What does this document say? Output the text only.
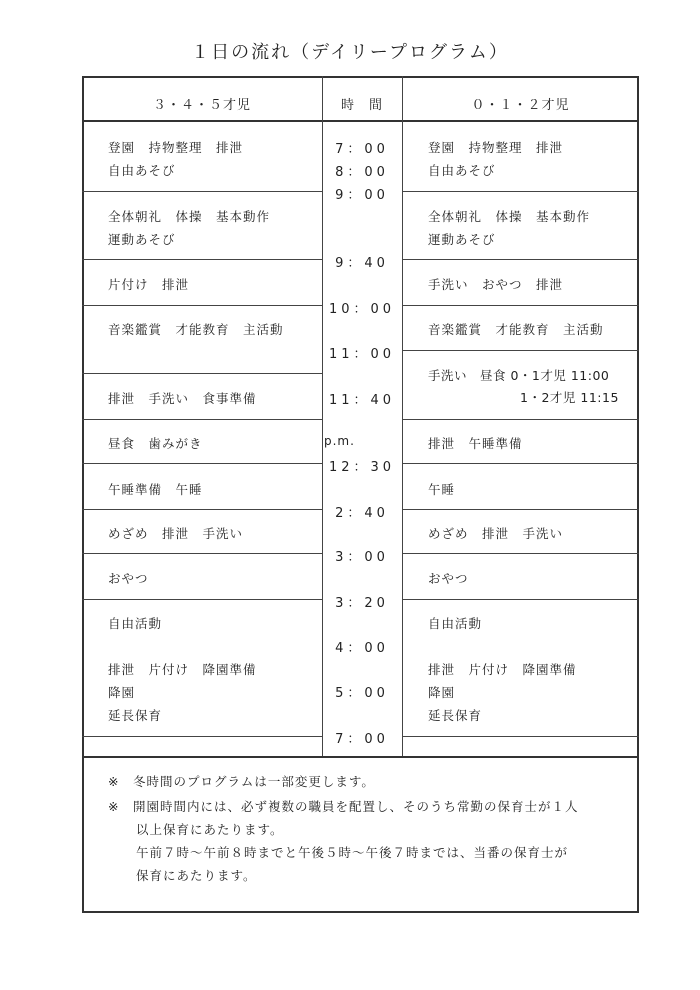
１日の流れ（デイリープログラム）
３・４・５才児	時　間	０・１・２才児
7：00
8：00
9：00
9：40
10：00
11：00
11：40
p.m.
12：30
2：40
3：00
3：20
4：00
5：00
7：00
登園　持物整理　排泄
自由あそび
全体朝礼　体操　基本動作
運動あそび
片付け　排泄
音楽鑑賞　才能教育　主活動
排泄　手洗い　食事準備
昼食　歯みがき
午睡準備　午睡
めざめ　排泄　手洗い
おやつ
自由活動
排泄　片付け　降園準備
降園
延長保育
登園　持物整理　排泄
自由あそび
全体朝礼　体操　基本動作
運動あそび
手洗い　おやつ　排泄
音楽鑑賞　才能教育　主活動
手洗い　昼食 0・1才児 11:00
1・2才児 11:15
排泄　午睡準備
午睡
めざめ　排泄　手洗い
おやつ
自由活動
排泄　片付け　降園準備
降園
延長保育
※　冬時間のプログラムは一部変更します。
※　開園時間内には、必ず複数の職員を配置し、そのうち常勤の保育士が１人
以上保育にあたります。
午前７時～午前８時までと午後５時～午後７時までは、当番の保育士が
保育にあたります。
